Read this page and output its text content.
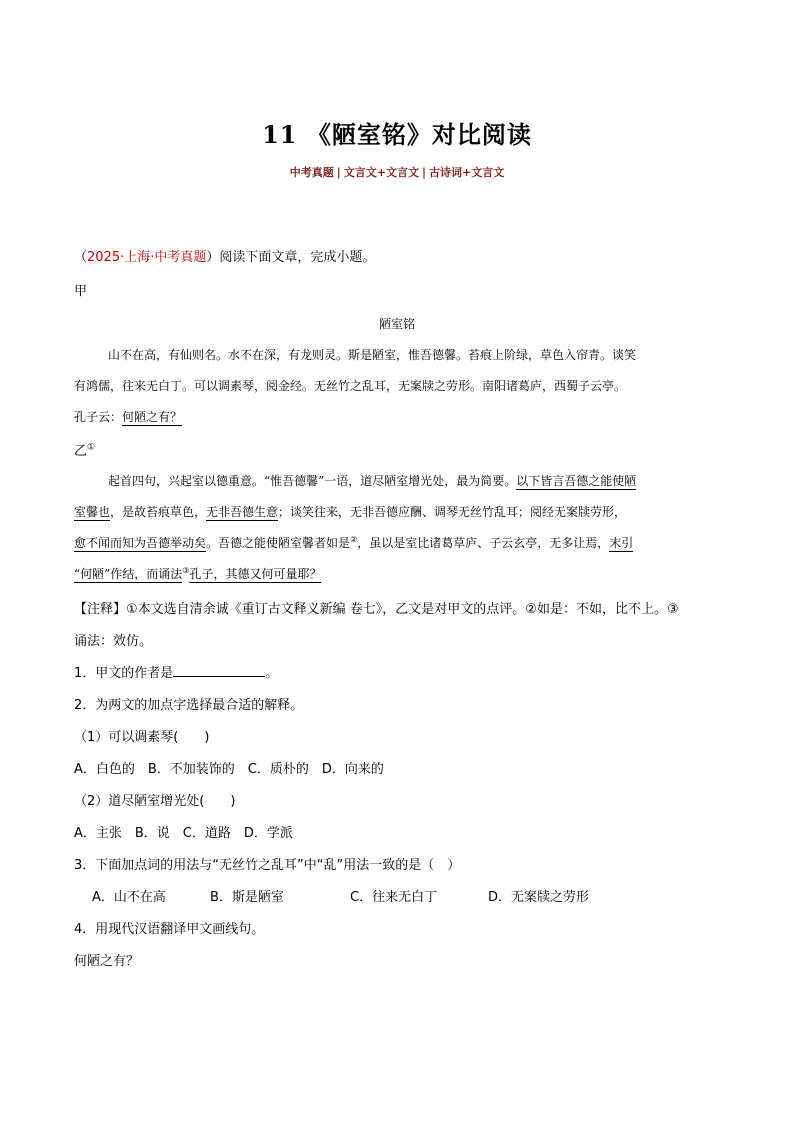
11 《陋室铭》对比阅读
中考真题 | 文言文+文言文 | 古诗词+文言文
（2025·上海·中考真题）阅读下面文章，完成小题。
甲
陋室铭
山不在高，有仙则名。水不在深，有龙则灵。斯是陋室，惟吾德馨。苔痕上阶绿，草色入帘青。谈笑
有鸿儒，往来无白丁。可以调素琴，阅金经。无丝竹之乱耳，无案牍之劳形。南阳诸葛庐，西蜀子云亭。
孔子云：何陋之有？
乙①
起首四句，兴起室以德重意。“惟吾德馨”一语，道尽陋室增光处，最为简要。以下皆言吾德之能使陋
室馨也，是故苔痕草色，无非吾德生意；谈笑往来，无非吾德应酬、调琴无丝竹乱耳；阅经无案牍劳形，
愈不闻而知为吾德举动矣。吾德之能使陋室馨者如是②，虽以是室比诸葛草庐、子云玄亭，无多让焉，末引
“何陋”作结，而诵法③孔子，其德又何可量耶？
【注释】①本文选自清余诚《重订古文释义新编 卷七》，乙文是对甲文的点评。②如是：不如，比不上。③
诵法：效仿。
1．甲文的作者是	。
2．为两文的加点字选择最合适的解释。
（1）可以调素琴(　　)
A．白色的　B．不加装饰的　C．质朴的　D．向来的
（2）道尽陋室增光处(　　)
A．主张　B．说　C．道路　D．学派
3．下面加点词的用法与“无丝竹之乱耳”中“乱”用法一致的是（　）
A．山不在高	B．斯是陋室	C．往来无白丁	D．无案牍之劳形
4．用现代汉语翻译甲文画线句。
何陋之有？
